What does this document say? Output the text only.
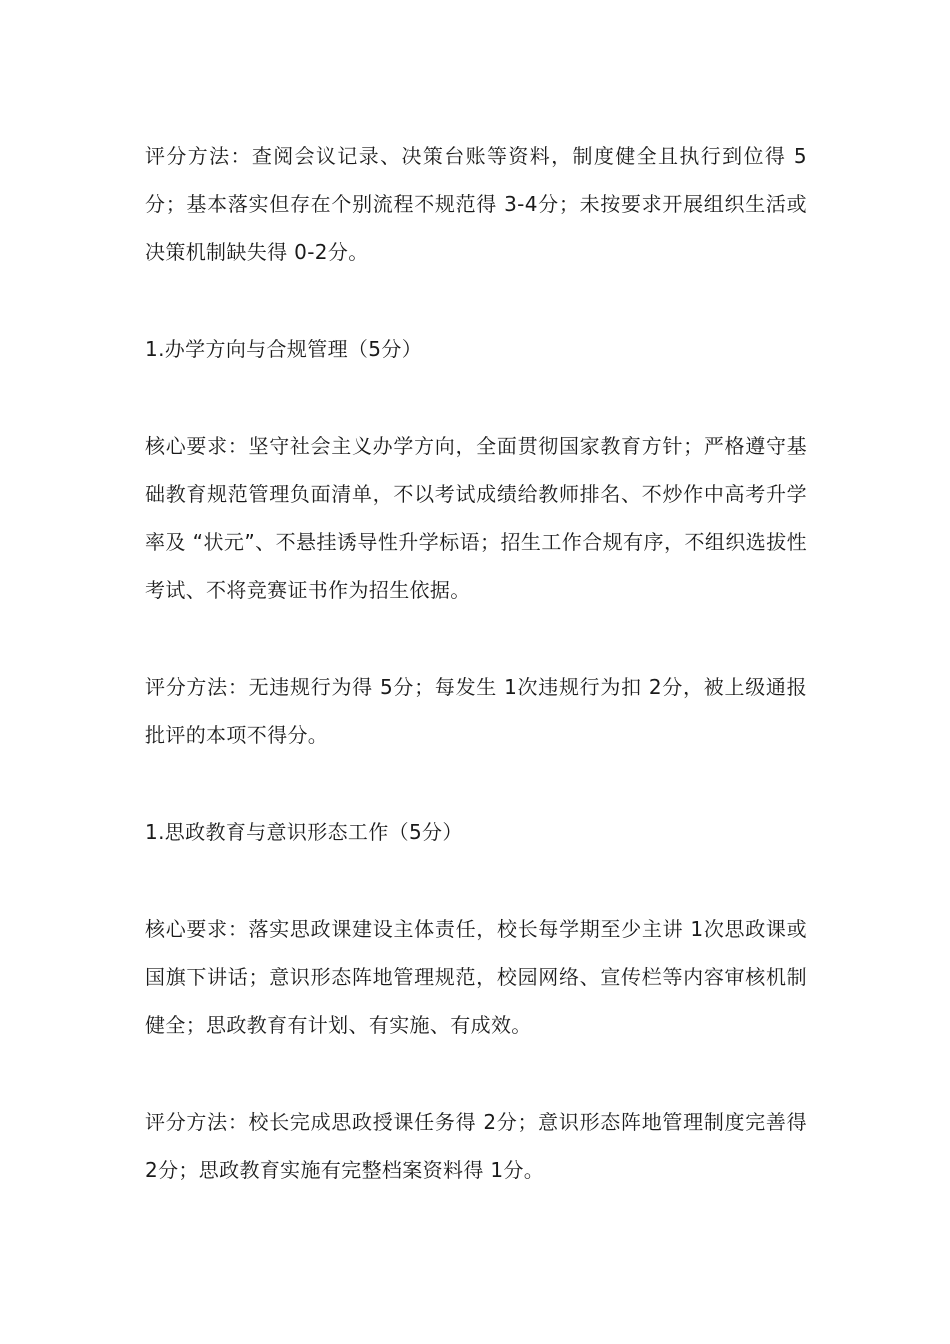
评分方法：查阅会议记录、决策台账等资料，制度健全且执行到位得 5分；基本落实但存在个别流程不规范得 3-4分；未按要求开展组织生活或决策机制缺失得 0-2分。

1.办学方向与合规管理（5分）

核心要求：坚守社会主义办学方向，全面贯彻国家教育方针；严格遵守基础教育规范管理负面清单，不以考试成绩给教师排名、不炒作中高考升学率及 “状元”、不悬挂诱导性升学标语；招生工作合规有序，不组织选拔性考试、不将竞赛证书作为招生依据。

评分方法：无违规行为得 5分；每发生 1次违规行为扣 2分，被上级通报批评的本项不得分。

1.思政教育与意识形态工作（5分）

核心要求：落实思政课建设主体责任，校长每学期至少主讲 1次思政课或国旗下讲话；意识形态阵地管理规范，校园网络、宣传栏等内容审核机制健全；思政教育有计划、有实施、有成效。

评分方法：校长完成思政授课任务得 2分；意识形态阵地管理制度完善得 2分；思政教育实施有完整档案资料得 1分。
